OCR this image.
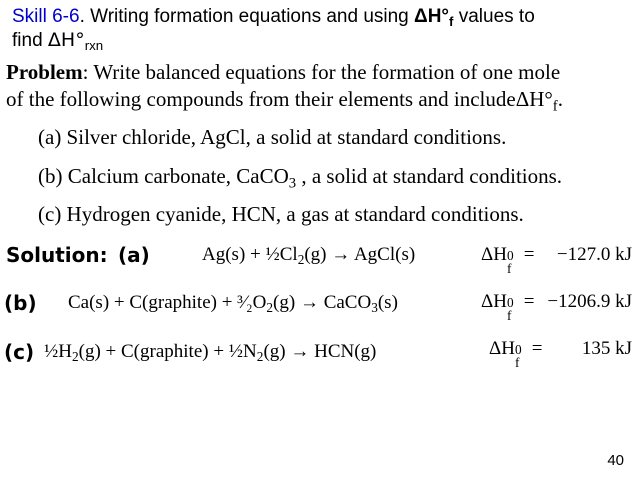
Skill 6-6. Writing formation equations and using $\Delta H^\circ_f$ values to
find $\Delta H^\circ_{rxn}$
Problem: Write balanced equations for the formation of one mole
of the following compounds from their elements and $include\Delta H^\circ_f$.
(a) Silver chloride, AgCl, a solid at standard conditions.
(b) Calcium carbonate, CaCO$_3$ , a solid at standard conditions.
(c) Hydrogen cyanide, HCN, a gas at standard conditions.
Solution: (a)	$Ag(s) + \frac{1}{2}Cl_2(g)$ → AgCl(s)	ΔH 0
f
= −127.0 kJ
(b) Ca(s) + C(graphite) + $^3⁄_2O_2(g)$ → CaCO$_3$(s)	ΔH 0
f
= −1206.9 kJ
(c) $\frac{1}{2}H_2(g)$ + C(graphite) + $\frac{1}{2}N_2(g) \to HCN(g)$	ΔH 0
f
= 135 kJ
40
